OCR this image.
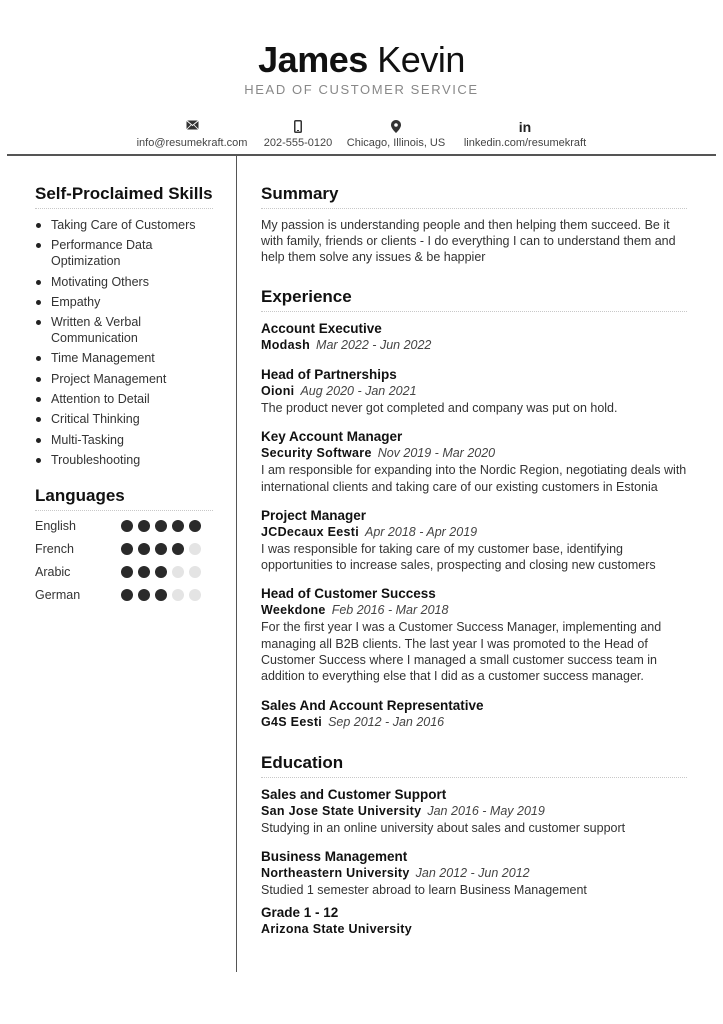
James Kevin
HEAD OF CUSTOMER SERVICE
info@resumekraft.com	202-555-0120 Chicago, Illinois, US
in
linkedin.com/resumekraft
Self-Proclaimed Skills
Taking Care of Customers
Performance Data Optimization
Motivating Others
Empathy
Written & Verbal Communication
Time Management
Project Management
Attention to Detail
Critical Thinking
Multi-Tasking
Troubleshooting
Languages
English
French
Arabic
German
Summary

My passion is understanding people and then helping them succeed. Be it with family, friends or clients - I do everything I can to understand them and help them solve any issues & be happier

Experience
Account Executive
Modash Mar 2022 - Jun 2022
Head of Partnerships
Oioni Aug 2020 - Jan 2021
The product never got completed and company was put on hold.
Key Account Manager
Security Software Nov 2019 - Mar 2020
I am responsible for expanding into the Nordic Region, negotiating deals with international clients and taking care of our existing customers in Estonia
Project Manager
JCDecaux Eesti Apr 2018 - Apr 2019
I was responsible for taking care of my customer base, identifying opportunities to increase sales, prospecting and closing new customers
Head of Customer Success
Weekdone Feb 2016 - Mar 2018
For the first year I was a Customer Success Manager, implementing and managing all B2B clients. The last year I was promoted to the Head of Customer Success where I managed a small customer success team in addition to everything else that I did as a customer success manager.
Sales And Account Representative
G4S Eesti Sep 2012 - Jan 2016
Education
Sales and Customer Support
San Jose State University Jan 2016 - May 2019
Studying in an online university about sales and customer support
Business Management
Northeastern University Jan 2012 - Jun 2012
Studied 1 semester abroad to learn Business Management
Grade 1 - 12
Arizona State University
